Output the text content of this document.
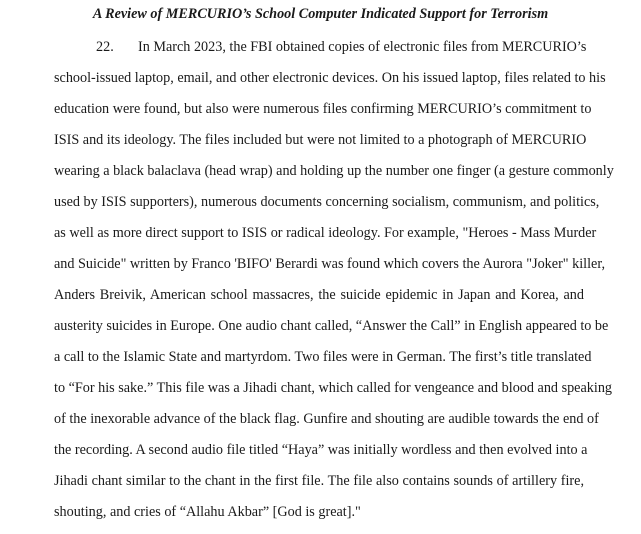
A Review of MERCURIO’s School Computer Indicated Support for Terrorism
22. In March 2023, the FBI obtained copies of electronic files from MERCURIO’s
school-issued laptop, email, and other electronic devices. On his issued laptop, files related to his
education were found, but also were numerous files confirming MERCURIO’s commitment to
ISIS and its ideology. The files included but were not limited to a photograph of MERCURIO
wearing a black balaclava (head wrap) and holding up the number one finger (a gesture commonly
used by ISIS supporters), numerous documents concerning socialism, communism, and politics,
as well as more direct support to ISIS or radical ideology. For example, "Heroes - Mass Murder
and Suicide" written by Franco 'BIFO' Berardi was found which covers the Aurora "Joker" killer,
Anders Breivik, American school massacres, the suicide epidemic in Japan and Korea, and
austerity suicides in Europe. One audio chant called, “Answer the Call” in English appeared to be
a call to the Islamic State and martyrdom. Two files were in German. The first’s title translated
to “For his sake.” This file was a Jihadi chant, which called for vengeance and blood and speaking
of the inexorable advance of the black flag. Gunfire and shouting are audible towards the end of
the recording. A second audio file titled “Haya” was initially wordless and then evolved into a
Jihadi chant similar to the chant in the first file. The file also contains sounds of artillery fire,
shouting, and cries of “Allahu Akbar” [God is great]."
